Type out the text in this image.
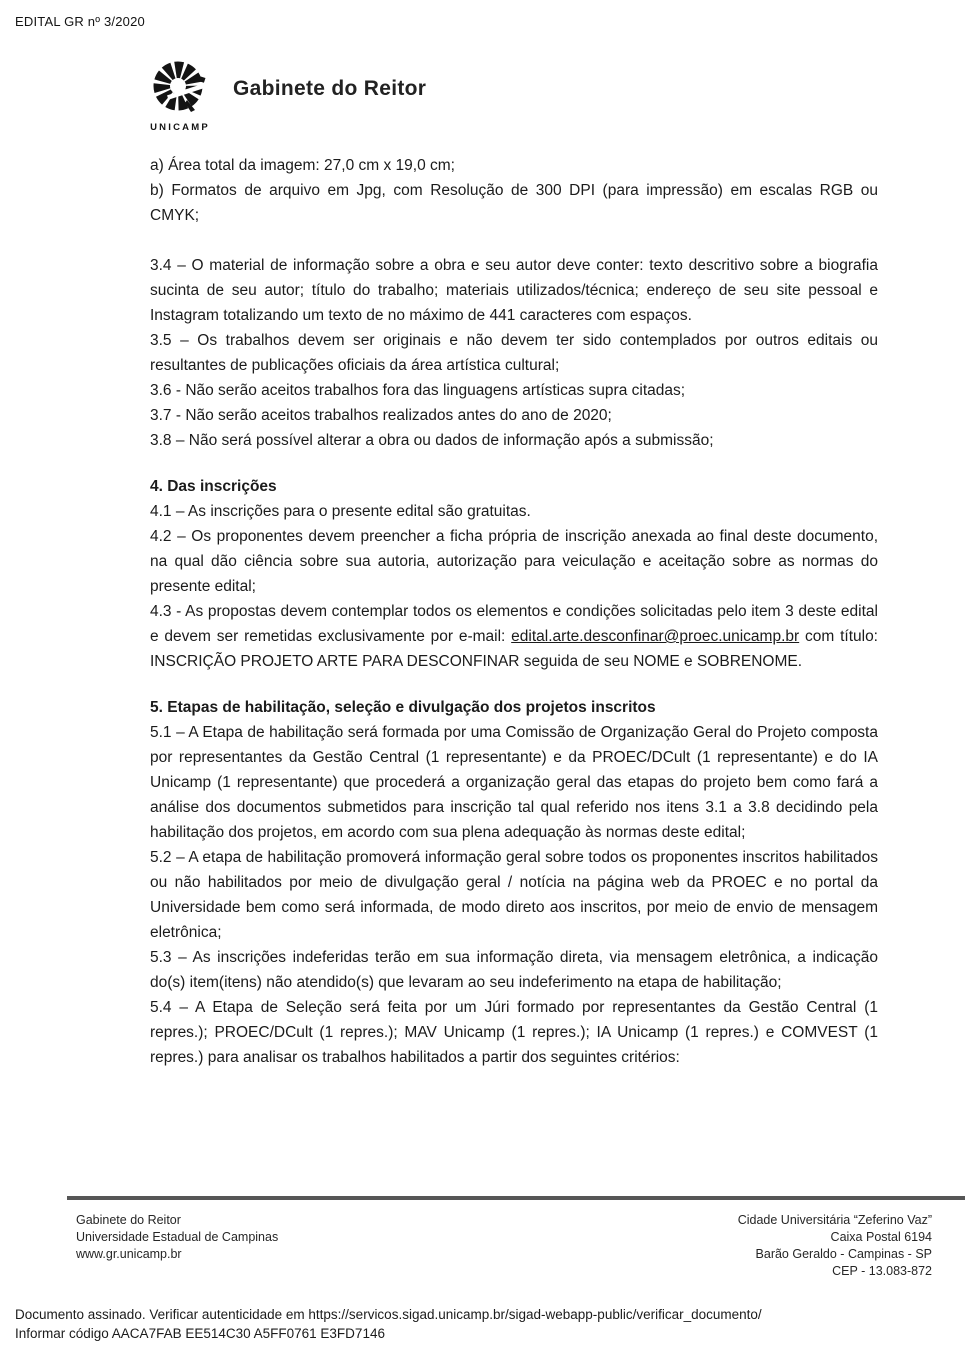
EDITAL GR nº 3/2020
UNICAMP
Gabinete do Reitor

a) Área total da imagem: 27,0 cm x 19,0 cm;

b) Formatos de arquivo em Jpg, com Resolução de 300 DPI (para impressão) em escalas RGB ou CMYK;

3.4 – O material de informação sobre a obra e seu autor deve conter: texto descritivo sobre a biografia sucinta de seu autor; título do trabalho; materiais utilizados/técnica; endereço de seu site pessoal e Instagram totalizando um texto de no máximo de 441 caracteres com espaços.

3.5 – Os trabalhos devem ser originais e não devem ter sido contemplados por outros editais ou resultantes de publicações oficiais da área artística cultural;

3.6 - Não serão aceitos trabalhos fora das linguagens artísticas supra citadas;

3.7 - Não serão aceitos trabalhos realizados antes do ano de 2020;

3.8 – Não será possível alterar a obra ou dados de informação após a submissão;

4. Das inscrições

4.1 – As inscrições para o presente edital são gratuitas.

4.2 – Os proponentes devem preencher a ficha própria de inscrição anexada ao final deste documento, na qual dão ciência sobre sua autoria, autorização para veiculação e aceitação sobre as normas do presente edital;

4.3 - As propostas devem contemplar todos os elementos e condições solicitadas pelo item 3 deste edital e devem ser remetidas exclusivamente por e-mail: edital.arte.desconfinar@proec.unicamp.br com título: INSCRIÇÃO PROJETO ARTE PARA DESCONFINAR seguida de seu NOME e SOBRENOME.

5. Etapas de habilitação, seleção e divulgação dos projetos inscritos

5.1 – A Etapa de habilitação será formada por uma Comissão de Organização Geral do Projeto composta por representantes da Gestão Central (1 representante) e da PROEC/DCult (1 representante) e do IA Unicamp (1 representante) que procederá a organização geral das etapas do projeto bem como fará a análise dos documentos submetidos para inscrição tal qual referido nos itens 3.1 a 3.8 decidindo pela habilitação dos projetos, em acordo com sua plena adequação às normas deste edital;

5.2 – A etapa de habilitação promoverá informação geral sobre todos os proponentes inscritos habilitados ou não habilitados por meio de divulgação geral / notícia na página web da PROEC e no portal da Universidade bem como será informada, de modo direto aos inscritos, por meio de envio de mensagem eletrônica;

5.3 – As inscrições indeferidas terão em sua informação direta, via mensagem eletrônica, a indicação do(s) item(itens) não atendido(s) que levaram ao seu indeferimento na etapa de habilitação;

5.4 – A Etapa de Seleção será feita por um Júri formado por representantes da Gestão Central (1 repres.); PROEC/DCult (1 repres.); MAV Unicamp (1 repres.); IA Unicamp (1 repres.) e COMVEST (1 repres.) para analisar os trabalhos habilitados a partir dos seguintes critérios:

Gabinete do Reitor
Universidade Estadual de Campinas
www.gr.unicamp.br
Cidade Universitária “Zeferino Vaz”
Caixa Postal 6194
Barão Geraldo - Campinas - SP
CEP - 13.083-872
Documento assinado. Verificar autenticidade em https://servicos.sigad.unicamp.br/sigad-webapp-public/verificar_documento/
Informar código AACA7FAB EE514C30 A5FF0761 E3FD7146
